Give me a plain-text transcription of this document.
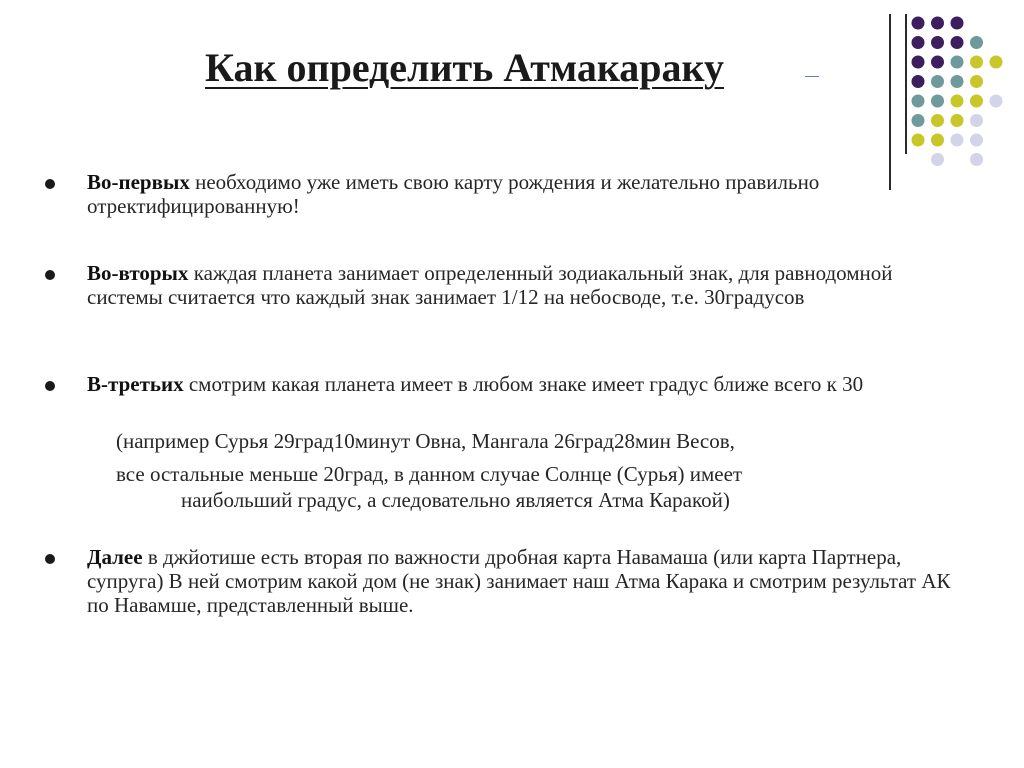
Как определить Атмакараку

Во-первых необходимо уже иметь свою карту рождения и желательно правильно отректифицированную!

Во-вторых каждая планета занимает определенный зодиакальный знак, для равнодомной системы считается что каждый знак занимает 1/12 на небосводе, т.е. 30градусов

В-третьих смотрим какая планета имеет в любом знаке имеет градус ближе всего к 30

(например Сурья 29град10минут Овна, Мангала 26град28мин Весов,

все остальные меньше 20град, в данном случае Солнце (Сурья) имеет

наибольший градус, а следовательно является Атма Каракой)

Далее в джйотише есть вторая по важности дробная карта Навамаша (или карта Партнера, супруга) В ней смотрим какой дом (не знак) занимает наш Атма Карака и смотрим результат АК по Навамше, представленный выше.
